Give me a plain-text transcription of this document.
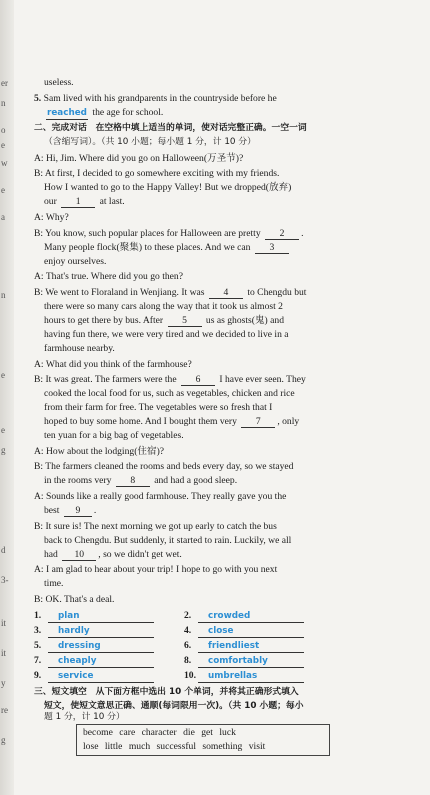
er
n
o
e
w
e
a
n
e
e
g
d
3-
it
it
y
re
g
useless.
5. Sam lived with his grandparents in the countryside before he
reached the age for school.
二、完成对话　在空格中填上适当的单词，使对话完整正确。一空一词
（含缩写词）。（共 10 小题；每小题 1 分，计 10 分）
A: Hi, Jim. Where did you go on Halloween(万圣节)?
B: At first, I decided to go somewhere exciting with my friends.
How I wanted to go to the Happy Valley! But we dropped(放弃)
our 1 at last.
A: Why?
B: You know, such popular places for Halloween are pretty 2 .
Many people flock(聚集) to these places. And we can 3
enjoy ourselves.
A: That's true. Where did you go then?
B: We went to Floraland in Wenjiang. It was 4 to Chengdu but
there were so many cars along the way that it took us almost 2
hours to get there by bus. After 5 us as ghosts(鬼) and
having fun there, we were very tired and we decided to live in a
farmhouse nearby.
A: What did you think of the farmhouse?
B: It was great. The farmers were the 6 I have ever seen. They
cooked the local food for us, such as vegetables, chicken and rice
from their farm for free. The vegetables were so fresh that I
hoped to buy some home. And I bought them very 7 , only
ten yuan for a big bag of vegetables.
A: How about the lodging(住宿)?
B: The farmers cleaned the rooms and beds every day, so we stayed
in the rooms very 8 and had a good sleep.
A: Sounds like a really good farmhouse. They really gave you the
best 9 .
B: It sure is! The next morning we got up early to catch the bus
back to Chengdu. But suddenly, it started to rain. Luckily, we all
had 10 , so we didn't get wet.
A: I am glad to hear about your trip! I hope to go with you next
time.
B: OK. That's a deal.
1. plan	2. crowded
3. hardly	4. close
5. dressing	6. friendliest
7. cheaply	8. comfortably
9. service	10. umbrellas
三、短文填空　从下面方框中选出 10 个单词，并将其正确形式填入
短文，使短文意思正确、通顺(每词限用一次)。（共 10 小题；每小
题 1 分，计 10 分）
become care character die get luck
lose little much successful something visit
